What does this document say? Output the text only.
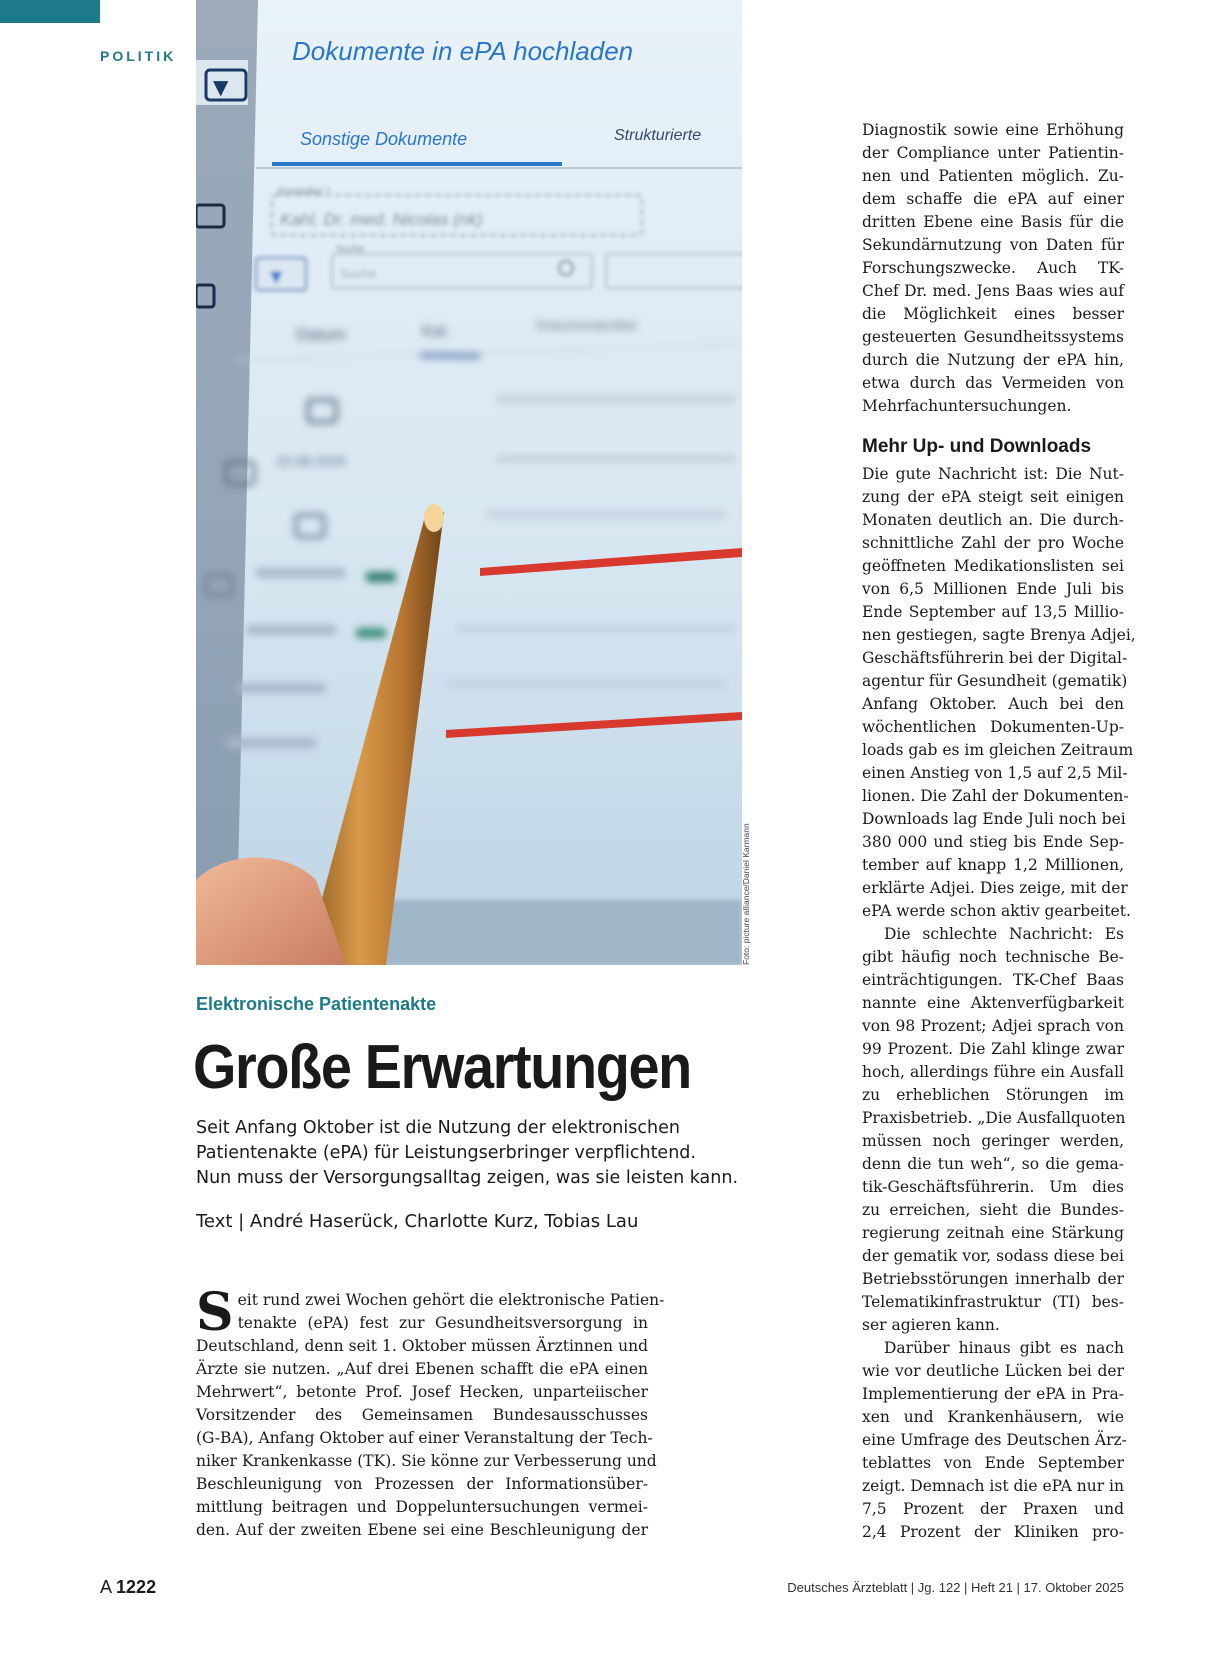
POLITIK
▼
Dokumente in ePA hochladen
Sonstige Dokumente	Strukturierte
Einsteller *
Kahl, Dr. med. Nicolas (nk)
▼
Suche
Suche
Datum	Kat.	Dokumententitel
22.06.2025
Foto: picture alliance/Daniel Karmann
Elektronische Patientenakte
Große Erwartungen
Seit Anfang Oktober ist die Nutzung der elektronischen
Patientenakte (ePA) für Leistungserbringer verpflichtend.
Nun muss der Versorgungsalltag zeigen, was sie leisten kann.
Text | André Haserück, Charlotte Kurz, Tobias Lau
S eit rund zwei Wochen gehört die elektronische Patien-
tenakte (ePA) fest zur Gesundheitsversorgung in
Deutschland, denn seit 1. Oktober müssen Ärztinnen und
Ärzte sie nutzen. „Auf drei Ebenen schafft die ePA einen
Mehrwert“, betonte Prof. Josef Hecken, unparteiischer
Vorsitzender des Gemeinsamen Bundesausschusses
(G-BA), Anfang Oktober auf einer Veranstaltung der Tech-
niker Krankenkasse (TK). Sie könne zur Verbesserung und
Beschleunigung von Prozessen der Informationsüber-
mittlung beitragen und Doppeluntersuchungen vermei-
den. Auf der zweiten Ebene sei eine Beschleunigung der
Diagnostik sowie eine Erhöhung
der Compliance unter Patientin-
nen und Patienten möglich. Zu-
dem schaffe die ePA auf einer
dritten Ebene eine Basis für die
Sekundärnutzung von Daten für
Forschungszwecke. Auch TK-
Chef Dr. med. Jens Baas wies auf
die Möglichkeit eines besser
gesteuerten Gesundheitssystems
durch die Nutzung der ePA hin,
etwa durch das Vermeiden von
Mehrfachuntersuchungen.
Mehr Up- und Downloads
Die gute Nachricht ist: Die Nut-
zung der ePA steigt seit einigen
Monaten deutlich an. Die durch-
schnittliche Zahl der pro Woche
geöffneten Medikationslisten sei
von 6,5 Millionen Ende Juli bis
Ende September auf 13,5 Millio-
nen gestiegen, sagte Brenya Adjei,
Geschäftsführerin bei der Digital-
agentur für Gesundheit (gematik)
Anfang Oktober. Auch bei den
wöchentlichen Dokumenten-Up-
loads gab es im gleichen Zeitraum
einen Anstieg von 1,5 auf 2,5 Mil-
lionen. Die Zahl der Dokumenten-
Downloads lag Ende Juli noch bei
380 000 und stieg bis Ende Sep-
tember auf knapp 1,2 Millionen,
erklärte Adjei. Dies zeige, mit der
ePA werde schon aktiv gearbeitet.
Die schlechte Nachricht: Es
gibt häufig noch technische Be-
einträchtigungen. TK-Chef Baas
nannte eine Aktenverfügbarkeit
von 98 Prozent; Adjei sprach von
99 Prozent. Die Zahl klinge zwar
hoch, allerdings führe ein Ausfall
zu erheblichen Störungen im
Praxisbetrieb. „Die Ausfallquoten
müssen noch geringer werden,
denn die tun weh“, so die gema-
tik-Geschäftsführerin. Um dies
zu erreichen, sieht die Bundes-
regierung zeitnah eine Stärkung
der gematik vor, sodass diese bei
Betriebsstörungen innerhalb der
Telematikinfrastruktur (TI) bes-
ser agieren kann.
Darüber hinaus gibt es nach
wie vor deutliche Lücken bei der
Implementierung der ePA in Pra-
xen und Krankenhäusern, wie
eine Umfrage des Deutschen Ärz-
teblattes von Ende September
zeigt. Demnach ist die ePA nur in
7,5 Prozent der Praxen und
2,4 Prozent der Kliniken pro-
A 1222	Deutsches Ärzteblatt | Jg. 122 | Heft 21 | 17. Oktober 2025
